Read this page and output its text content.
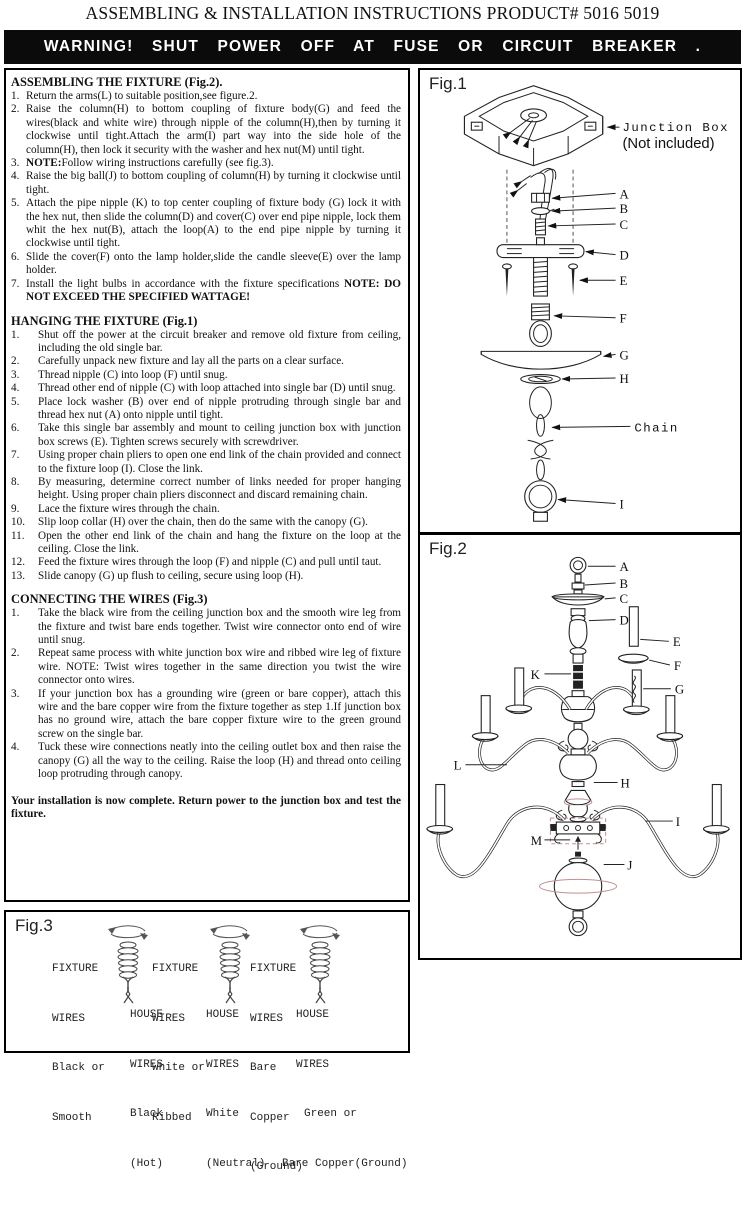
ASSEMBLING & INSTALLATION INSTRUCTIONS PRODUCT# 5016 5019
WARNING! SHUT POWER OFF AT FUSE OR CIRCUIT BREAKER .
ASSEMBLING THE FIXTURE (Fig.2).
1. Return the arms(L) to suitable position,see figure.2.
2. Raise the column(H) to bottom coupling of fixture body(G) and feed the wires(black and white wire) through nipple of the column(H),then by turning it clockwise until tight.Attach the arm(I) part way into the side hole of the column(H), then lock it security with the washer and hex nut(M) until tight.
3. NOTE:Follow wiring instructions carefully (see fig.3).
4. Raise the big ball(J) to bottom coupling of column(H) by turning it clockwise until tight.
5. Attach the pipe nipple (K) to top center coupling of fixture body (G) lock it with the hex nut, then slide the column(D) and cover(C) over end pipe nipple, lock them whit the hex nut(B), attach the loop(A) to the end pipe nipple by turning it clockwise until tight.
6. Slide the cover(F) onto the lamp holder,slide the candle sleeve(E) over the lamp holder.
7. Install the light bulbs in accordance with the fixture specifications NOTE: DO NOT EXCEED THE SPECIFIED WATTAGE!
HANGING THE FIXTURE (Fig.1)
1.	Shut off the power at the circuit breaker and remove old fixture from ceiling, including the old single bar.
2.	Carefully unpack new fixture and lay all the parts on a clear surface.
3.	Thread nipple (C) into loop (F) until snug.
4.	Thread other end of nipple (C) with loop attached into single bar (D) until snug.
5.	Place lock washer (B) over end of nipple protruding through single bar and thread hex nut (A) onto nipple until tight.
6.	Take this single bar assembly and mount to ceiling junction box with junction box screws (E). Tighten screws securely with screwdriver.
7.	Using proper chain pliers to open one end link of the chain provided and connect to the fixture loop (I). Close the link.
8.	By measuring, determine correct number of links needed for proper hanging height. Using proper chain pliers disconnect and discard remaining chain.
9.	Lace the fixture wires through the chain.
10.	Slip loop collar (H) over the chain, then do the same with the canopy (G).
11.	Open the other end link of the chain and hang the fixture on the loop at the ceiling. Close the link.
12.	Feed the fixture wires through the loop (F) and nipple (C) and pull until taut.
13.	Slide canopy (G) up flush to ceiling, secure using loop (H).
CONNECTING THE WIRES (Fig.3)
1.	Take the black wire from the ceiling junction box and the smooth wire leg from the fixture and twist bare ends together. Twist wire connector onto end of wire until snug.
2.	Repeat same process with white junction box wire and ribbed wire leg of fixture wire. NOTE: Twist wires together in the same direction you twist the wire connector onto wires.
3.	If your junction box has a grounding wire (green or bare copper), attach this wire and the bare copper wire from the fixture together as step 1.If junction box has no ground wire, attach the bare copper fixture wire to the green ground screw on the single bar.
4.	Tuck these wire connections neatly into the ceiling outlet box and then raise the canopy (G) all the way to the ceiling. Raise the loop (H) and thread onto ceiling loop protruding through canopy.

Your installation is now complete. Return power to the junction box and test the fixture.

Fig.1
Junction Box
(Not included)
A
B
C
D
E
F
G
H
Chain
I
Fig.2
A
B
C
D
E
F
G
K
L
H
I
M
J
Fig.3

FIXTURE

WIRES

Black or

Smooth

HOUSE

WIRES

Black

(Hot)

FIXTURE

WIRES

White or

Ribbed

HOUSE

WIRES

White

(Neutral)

FIXTURE

WIRES

Bare

Copper

(Ground)

HOUSE

WIRES

Green or

Bare Copper(Ground)
